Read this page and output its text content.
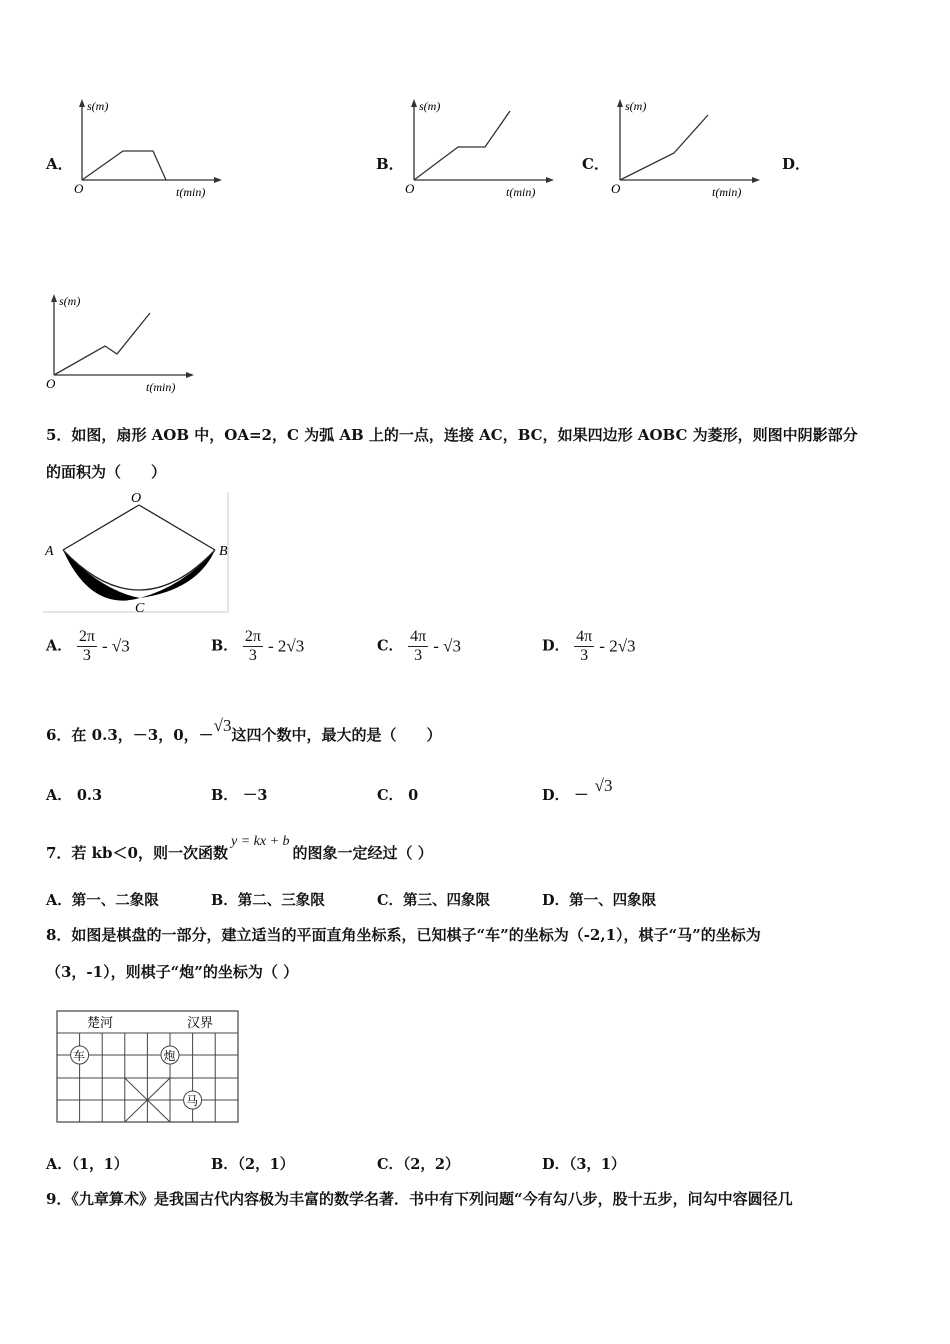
A．
s(m)
O	t(min)
B．
s(m)
O	t(min)
C．
s(m)
O	t(min)
D．
s(m)
O	t(min)
5．如图，扇形 AOB 中，OA=2，C 为弧 AB 上的一点，连接 AC，BC，如果四边形 AOBC 为菱形，则图中阴影部分
的面积为（　　）
O
A	B
C
A． $\frac{2\pi}{3} - √3$	B． $\frac{2\pi}{3} - 2√3$	C． $\frac{4\pi}{3} - √3$	D． $\frac{4\pi}{3} - 2√3$
6．在 0.3，－3，0，－√3这四个数中，最大的是（　　）
A． 0.3	B． －3	C． 0	D． －√3
7．若 kb＜0，则一次函数y = kx + b的图象一定经过（ ）
A．第一、二象限	B．第二、三象限	C．第三、四象限	D．第一、四象限
8．如图是棋盘的一部分，建立适当的平面直角坐标系，已知棋子“车”的坐标为（-2,1），棋子“马”的坐标为
（3，-1），则棋子“炮”的坐标为（ ）
楚河	汉界
车	炮
马
A．（1，1）	B．（2，1）	C．（2，2）	D．（3，1）
9．《九章算术》是我国古代内容极为丰富的数学名著．书中有下列问题“今有勾八步，股十五步，问勾中容圆径几
